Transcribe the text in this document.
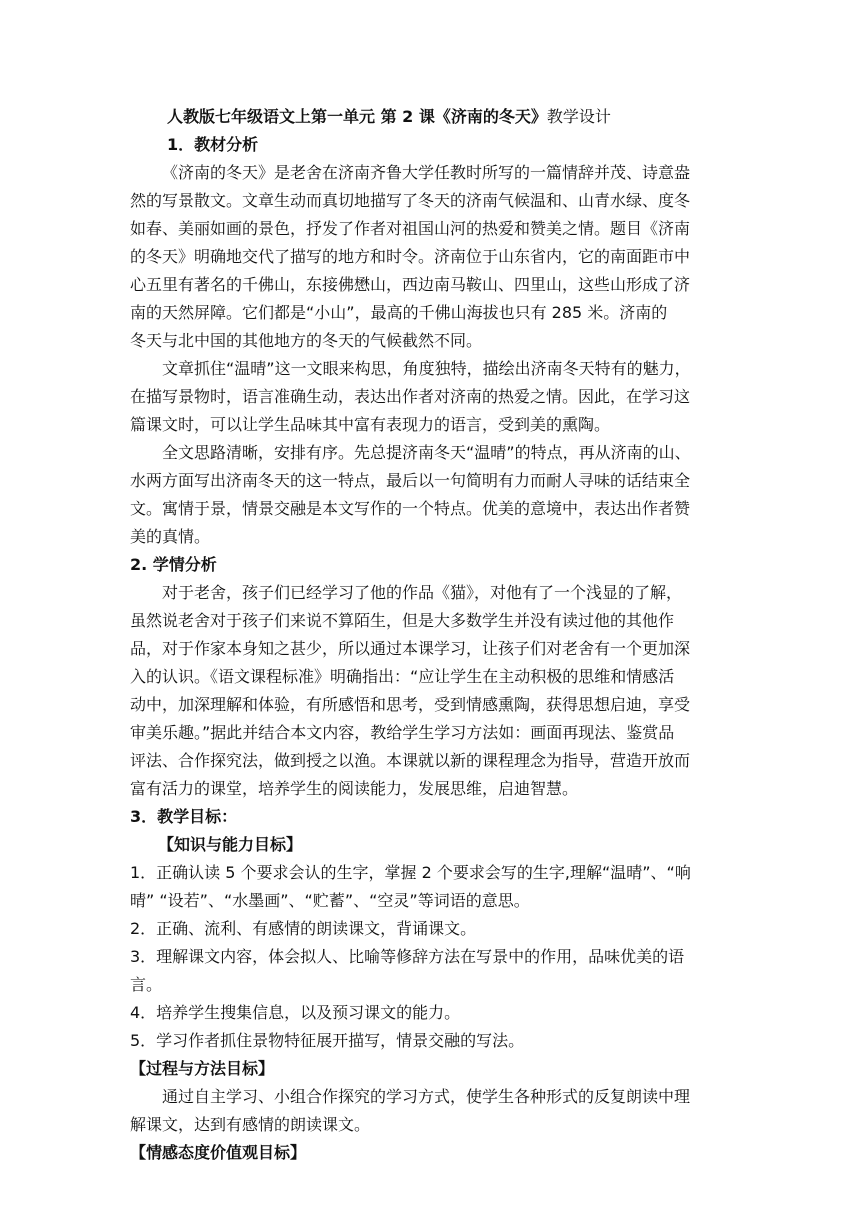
人教版七年级语文上第一单元 第 2 课《济南的冬天》教学设计

1．教材分析

《济南的冬天》是老舍在济南齐鲁大学任教时所写的一篇情辞并茂、诗意盎

然的写景散文。文章生动而真切地描写了冬天的济南气候温和、山青水绿、度冬

如春、美丽如画的景色，抒发了作者对祖国山河的热爱和赞美之情。题目《济南

的冬天》明确地交代了描写的地方和时令。济南位于山东省内，它的南面距市中

心五里有著名的千佛山，东接佛懋山，西边南马鞍山、四里山，这些山形成了济

南的天然屏障。它们都是“小山”，最高的千佛山海拔也只有 285 米。济南的

冬天与北中国的其他地方的冬天的气候截然不同。

文章抓住“温晴”这一文眼来构思，角度独特，描绘出济南冬天特有的魅力，

在描写景物时，语言准确生动，表达出作者对济南的热爱之情。因此，在学习这

篇课文时，可以让学生品味其中富有表现力的语言，受到美的熏陶。

全文思路清晰，安排有序。先总提济南冬天“温晴”的特点，再从济南的山、

水两方面写出济南冬天的这一特点，最后以一句简明有力而耐人寻味的话结束全

文。寓情于景，情景交融是本文写作的一个特点。优美的意境中，表达出作者赞

美的真情。

2. 学情分析

对于老舍，孩子们已经学习了他的作品《猫》，对他有了一个浅显的了解，

虽然说老舍对于孩子们来说不算陌生，但是大多数学生并没有读过他的其他作

品，对于作家本身知之甚少，所以通过本课学习，让孩子们对老舍有一个更加深

入的认识。《语文课程标准》明确指出：“应让学生在主动积极的思维和情感活

动中，加深理解和体验，有所感悟和思考，受到情感熏陶，获得思想启迪，享受

审美乐趣。”据此并结合本文内容，教给学生学习方法如：画面再现法、鉴赏品

评法、合作探究法，做到授之以渔。本课就以新的课程理念为指导，营造开放而

富有活力的课堂，培养学生的阅读能力，发展思维，启迪智慧。

3．教学目标：

【知识与能力目标】

1．正确认读 5 个要求会认的生字，掌握 2 个要求会写的生字,理解“温晴”、“响

晴” “设若”、“水墨画”、“贮蓄”、“空灵”等词语的意思。

2．正确、流利、有感情的朗读课文，背诵课文。

3．理解课文内容，体会拟人、比喻等修辞方法在写景中的作用，品味优美的语

言。

4．培养学生搜集信息，以及预习课文的能力。

5．学习作者抓住景物特征展开描写，情景交融的写法。

【过程与方法目标】

通过自主学习、小组合作探究的学习方式，使学生各种形式的反复朗读中理

解课文，达到有感情的朗读课文。

【情感态度价值观目标】
